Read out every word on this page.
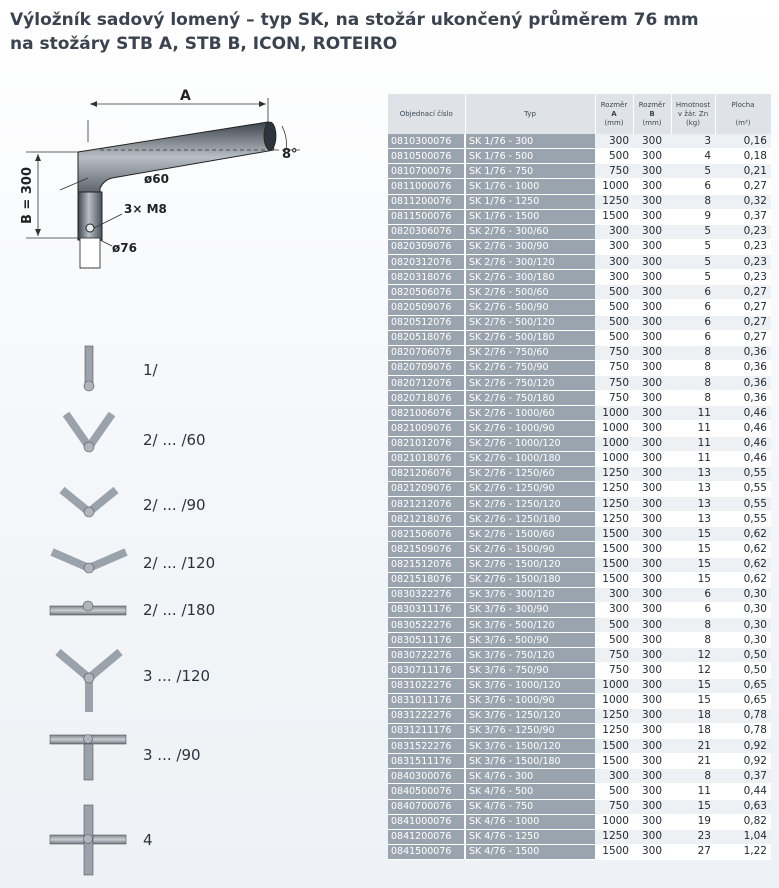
Výložník sadový lomený – typ SK, na stožár ukončený průměrem 76 mm
na stožáry STB A, STB B, ICON, ROTEIRO
A
8°
ø60
3× M8
ø76
B = 300
1/
2/ ... /60
2/ ... /90
2/ ... /120
2/ ... /180
3 ... /120
3 ... /90
4
Objednací číslo	Typ	Rozměr
A
(mm)	Rozměr
B
(mm)	Hmotnost
v žár. Zn
(kg)	Plocha

(m²)
0810300076	SK 1/76 - 300	300	300	3	0,16
0810500076	SK 1/76 - 500	500	300	4	0,18
0810700076	SK 1/76 - 750	750	300	5	0,21
0811000076	SK 1/76 - 1000	1000	300	6	0,27
0811200076	SK 1/76 - 1250	1250	300	8	0,32
0811500076	SK 1/76 - 1500	1500	300	9	0,37
0820306076	SK 2/76 - 300/60	300	300	5	0,23
0820309076	SK 2/76 - 300/90	300	300	5	0,23
0820312076	SK 2/76 - 300/120	300	300	5	0,23
0820318076	SK 2/76 - 300/180	300	300	5	0,23
0820506076	SK 2/76 - 500/60	500	300	6	0,27
0820509076	SK 2/76 - 500/90	500	300	6	0,27
0820512076	SK 2/76 - 500/120	500	300	6	0,27
0820518076	SK 2/76 - 500/180	500	300	6	0,27
0820706076	SK 2/76 - 750/60	750	300	8	0,36
0820709076	SK 2/76 - 750/90	750	300	8	0,36
0820712076	SK 2/76 - 750/120	750	300	8	0,36
0820718076	SK 2/76 - 750/180	750	300	8	0,36
0821006076	SK 2/76 - 1000/60	1000	300	11	0,46
0821009076	SK 2/76 - 1000/90	1000	300	11	0,46
0821012076	SK 2/76 - 1000/120	1000	300	11	0,46
0821018076	SK 2/76 - 1000/180	1000	300	11	0,46
0821206076	SK 2/76 - 1250/60	1250	300	13	0,55
0821209076	SK 2/76 - 1250/90	1250	300	13	0,55
0821212076	SK 2/76 - 1250/120	1250	300	13	0,55
0821218076	SK 2/76 - 1250/180	1250	300	13	0,55
0821506076	SK 2/76 - 1500/60	1500	300	15	0,62
0821509076	SK 2/76 - 1500/90	1500	300	15	0,62
0821512076	SK 2/76 - 1500/120	1500	300	15	0,62
0821518076	SK 2/76 - 1500/180	1500	300	15	0,62
0830322276	SK 3/76 - 300/120	300	300	6	0,30
0830311176	SK 3/76 - 300/90	300	300	6	0,30
0830522276	SK 3/76 - 500/120	500	300	8	0,30
0830511176	SK 3/76 - 500/90	500	300	8	0,30
0830722276	SK 3/76 - 750/120	750	300	12	0,50
0830711176	SK 3/76 - 750/90	750	300	12	0,50
0831022276	SK 3/76 - 1000/120	1000	300	15	0,65
0831011176	SK 3/76 - 1000/90	1000	300	15	0,65
0831222276	SK 3/76 - 1250/120	1250	300	18	0,78
0831211176	SK 3/76 - 1250/90	1250	300	18	0,78
0831522276	SK 3/76 - 1500/120	1500	300	21	0,92
0831511176	SK 3/76 - 1500/180	1500	300	21	0,92
0840300076	SK 4/76 - 300	300	300	8	0,37
0840500076	SK 4/76 - 500	500	300	11	0,44
0840700076	SK 4/76 - 750	750	300	15	0,63
0841000076	SK 4/76 - 1000	1000	300	19	0,82
0841200076	SK 4/76 - 1250	1250	300	23	1,04
0841500076	SK 4/76 - 1500	1500	300	27	1,22
